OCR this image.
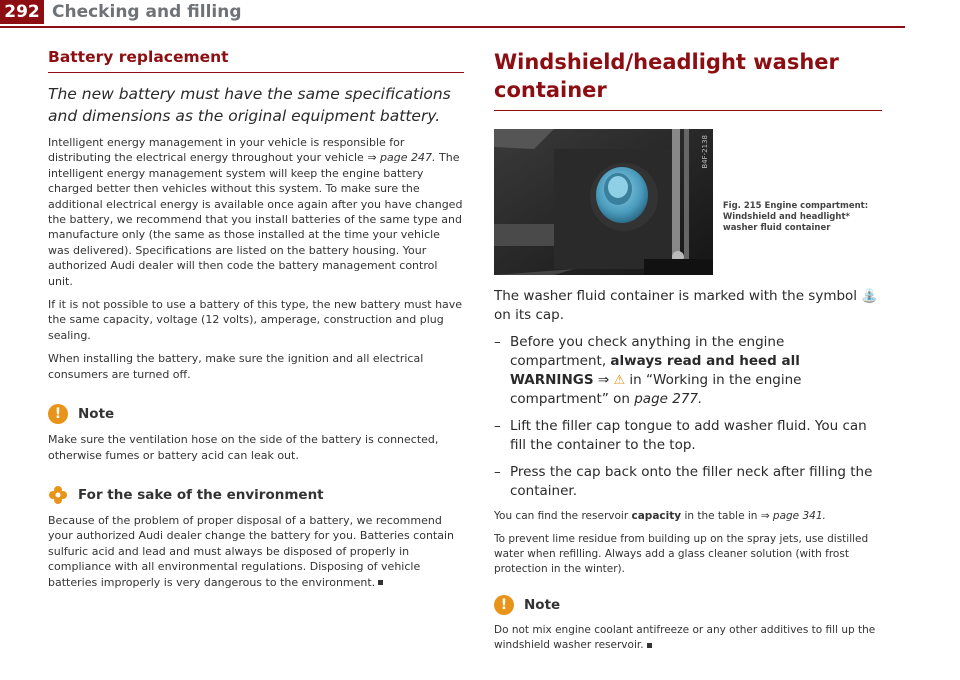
292 Checking and filling
Battery replacement
The new battery must have the same specifications and dimensions as the original equipment battery.

Intelligent energy management in your vehicle is responsible for distributing the electrical energy throughout your vehicle ⇒ page 247. The intelligent energy management system will keep the engine battery charged better then vehicles without this system. To make sure the additional electrical energy is available once again after you have changed the battery, we recommend that you install batteries of the same type and manufacture only (the same as those installed at the time your vehicle was delivered). Specifications are listed on the battery housing. Your authorized Audi dealer will then code the battery management control unit.

If it is not possible to use a battery of this type, the new battery must have the same capacity, voltage (12 volts), amperage, construction and plug sealing.

When installing the battery, make sure the ignition and all electrical consumers are turned off.

!	Note

Make sure the ventilation hose on the side of the battery is connected, otherwise fumes or battery acid can leak out.

For the sake of the environment

Because of the problem of proper disposal of a battery, we recommend your authorized Audi dealer change the battery for you. Batteries contain sulfuric acid and lead and must always be disposed of properly in compliance with all environmental regulations. Disposing of vehicle batteries improperly is very dangerous to the environment.

Windshield/headlight washer
container
B4F-2138
Fig. 215 Engine compartment: Windshield and headlight* washer fluid container

The washer fluid container is marked with the symbol ⛲ on its cap.

– Before you check anything in the engine compartment, always read and heed all WARNINGS ⇒ ⚠ in “Working in the engine compartment” on page 277.
– Lift the filler cap tongue to add washer fluid. You can fill the container to the top.
– Press the cap back onto the filler neck after filling the container.

You can find the reservoir capacity in the table in ⇒ page 341.

To prevent lime residue from building up on the spray jets, use distilled water when refilling. Always add a glass cleaner solution (with frost protection in the winter).

!	Note

Do not mix engine coolant antifreeze or any other additives to fill up the windshield washer reservoir.
